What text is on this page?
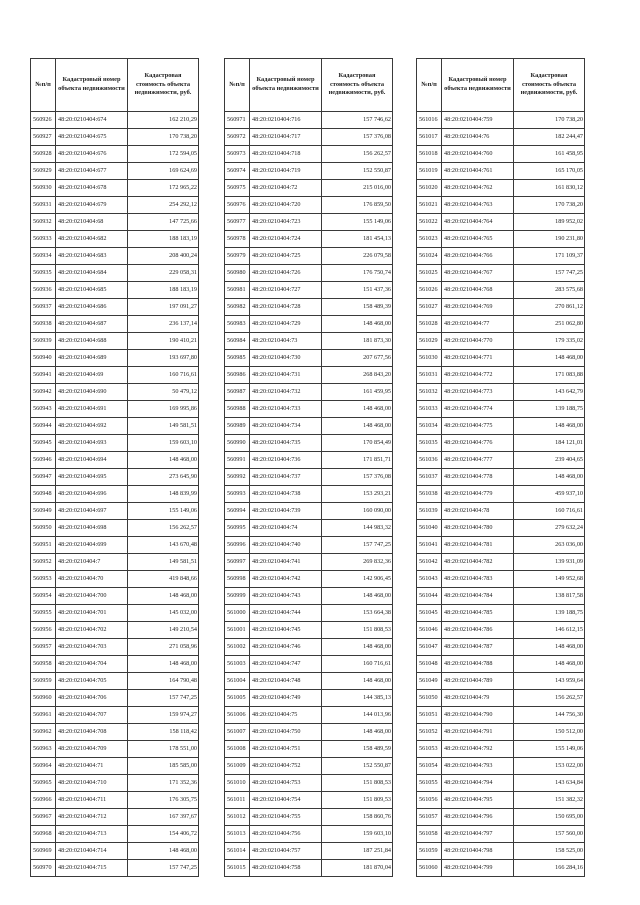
№п/п	Кадастровый номер объекта недвижимости	Кадастровая стоимость объекта недвижимости, руб.
560926	48:20:0210404:674	162 210,29
560927	48:20:0210404:675	170 738,20
560928	48:20:0210404:676	172 594,05
560929	48:20:0210404:677	169 624,69
560930	48:20:0210404:678	172 965,22
560931	48:20:0210404:679	254 292,12
560932	48:20:0210404:68	147 725,66
560933	48:20:0210404:682	188 183,19
560934	48:20:0210404:683	208 400,24
560935	48:20:0210404:684	229 058,31
560936	48:20:0210404:685	188 183,19
560937	48:20:0210404:686	197 091,27
560938	48:20:0210404:687	236 137,14
560939	48:20:0210404:688	190 410,21
560940	48:20:0210404:689	193 697,80
560941	48:20:0210404:69	160 716,61
560942	48:20:0210404:690	50 479,12
560943	48:20:0210404:691	169 995,86
560944	48:20:0210404:692	149 581,51
560945	48:20:0210404:693	159 603,10
560946	48:20:0210404:694	148 468,00
560947	48:20:0210404:695	273 645,90
560948	48:20:0210404:696	148 839,99
560949	48:20:0210404:697	155 149,06
560950	48:20:0210404:698	156 262,57
560951	48:20:0210404:699	143 670,48
560952	48:20:0210404:7	149 581,51
560953	48:20:0210404:70	419 848,66
560954	48:20:0210404:700	148 468,00
560955	48:20:0210404:701	145 032,00
560956	48:20:0210404:702	149 210,54
560957	48:20:0210404:703	271 058,96
560958	48:20:0210404:704	148 468,00
560959	48:20:0210404:705	164 790,48
560960	48:20:0210404:706	157 747,25
560961	48:20:0210404:707	159 974,27
560962	48:20:0210404:708	158 118,42
560963	48:20:0210404:709	178 551,00
560964	48:20:0210404:71	185 585,00
560965	48:20:0210404:710	171 352,36
560966	48:20:0210404:711	176 305,75
560967	48:20:0210404:712	167 397,67
560968	48:20:0210404:713	154 406,72
560969	48:20:0210404:714	148 468,00
560970	48:20:0210404:715	157 747,25
№п/п	Кадастровый номер объекта недвижимости	Кадастровая стоимость объекта недвижимости, руб.
560971	48:20:0210404:716	157 746,62
560972	48:20:0210404:717	157 376,08
560973	48:20:0210404:718	156 262,57
560974	48:20:0210404:719	152 550,87
560975	48:20:0210404:72	215 016,00
560976	48:20:0210404:720	176 859,50
560977	48:20:0210404:723	155 149,06
560978	48:20:0210404:724	181 454,13
560979	48:20:0210404:725	226 079,58
560980	48:20:0210404:726	176 750,74
560981	48:20:0210404:727	151 437,36
560982	48:20:0210404:728	158 489,39
560983	48:20:0210404:729	148 468,00
560984	48:20:0210404:73	181 873,30
560985	48:20:0210404:730	207 677,56
560986	48:20:0210404:731	268 843,20
560987	48:20:0210404:732	161 459,95
560988	48:20:0210404:733	148 468,00
560989	48:20:0210404:734	148 468,00
560990	48:20:0210404:735	170 854,49
560991	48:20:0210404:736	171 851,71
560992	48:20:0210404:737	157 376,08
560993	48:20:0210404:738	153 293,21
560994	48:20:0210404:739	160 090,00
560995	48:20:0210404:74	144 983,32
560996	48:20:0210404:740	157 747,25
560997	48:20:0210404:741	269 832,36
560998	48:20:0210404:742	142 906,45
560999	48:20:0210404:743	148 468,00
561000	48:20:0210404:744	153 664,38
561001	48:20:0210404:745	151 808,53
561002	48:20:0210404:746	148 468,00
561003	48:20:0210404:747	160 716,61
561004	48:20:0210404:748	148 468,00
561005	48:20:0210404:749	144 385,13
561006	48:20:0210404:75	144 013,96
561007	48:20:0210404:750	148 468,00
561008	48:20:0210404:751	158 489,59
561009	48:20:0210404:752	152 550,87
561010	48:20:0210404:753	151 808,53
561011	48:20:0210404:754	151 809,53
561012	48:20:0210404:755	158 860,76
561013	48:20:0210404:756	159 603,10
561014	48:20:0210404:757	187 251,84
561015	48:20:0210404:758	181 870,04
№п/п	Кадастровый номер объекта недвижимости	Кадастровая стоимость объекта недвижимости, руб.
561016	48:20:0210404:759	170 738,20
561017	48:20:0210404:76	182 244,47
561018	48:20:0210404:760	161 458,95
561019	48:20:0210404:761	165 170,05
561020	48:20:0210404:762	161 830,12
561021	48:20:0210404:763	170 738,20
561022	48:20:0210404:764	189 952,02
561023	48:20:0210404:765	190 231,80
561024	48:20:0210404:766	171 109,37
561025	48:20:0210404:767	157 747,25
561026	48:20:0210404:768	283 575,68
561027	48:20:0210404:769	270 861,12
561028	48:20:0210404:77	251 062,80
561029	48:20:0210404:770	179 335,02
561030	48:20:0210404:771	148 468,00
561031	48:20:0210404:772	171 083,88
561032	48:20:0210404:773	143 642,79
561033	48:20:0210404:774	139 188,75
561034	48:20:0210404:775	148 468,00
561035	48:20:0210404:776	184 121,01
561036	48:20:0210404:777	239 404,65
561037	48:20:0210404:778	148 468,00
561038	48:20:0210404:779	459 937,10
561039	48:20:0210404:78	160 716,61
561040	48:20:0210404:780	279 632,24
561041	48:20:0210404:781	263 036,00
561042	48:20:0210404:782	139 931,09
561043	48:20:0210404:783	149 952,68
561044	48:20:0210404:784	138 817,58
561045	48:20:0210404:785	139 188,75
561046	48:20:0210404:786	146 612,15
561047	48:20:0210404:787	148 468,00
561048	48:20:0210404:788	148 468,00
561049	48:20:0210404:789	143 959,64
561050	48:20:0210404:79	156 262,57
561051	48:20:0210404:790	144 756,30
561052	48:20:0210404:791	150 512,00
561053	48:20:0210404:792	155 149,06
561054	48:20:0210404:793	153 022,00
561055	48:20:0210404:794	143 634,84
561056	48:20:0210404:795	151 382,32
561057	48:20:0210404:796	150 695,00
561058	48:20:0210404:797	157 560,00
561059	48:20:0210404:798	158 525,00
561060	48:20:0210404:799	166 284,16
